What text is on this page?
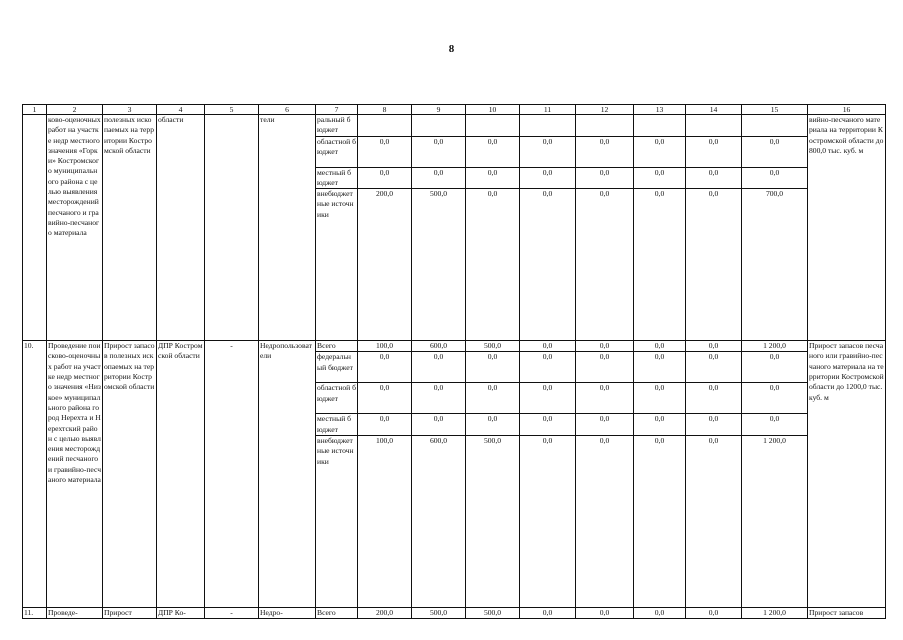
8
1	2	3	4	5	6	7	8	9	10	11	12	13	14	15	16
	ково-оценочных работ на участке недр местного значения «Горки» Костромского муниципального района с целью выявления месторождений песчаного и гравийно-песчаного материала	полезных ископаемых на территории Костромской области	области		тели	ральный бюджет									вийно-песчаного материала на территории Костромской области до 800,0 тыс. куб. м
						областной бюджет	0,0	0,0	0,0	0,0	0,0	0,0	0,0	0,0	
						местный бюджет	0,0	0,0	0,0	0,0	0,0	0,0	0,0	0,0	
						внебюджетные источники	200,0	500,0	0,0	0,0	0,0	0,0	0,0	700,0	
10.	Проведение поисково-оценочных работ на участке недр местного значения «Низкое» муниципального района город Нерехта и Нерехтский район с целью выявления месторождений песчаного и гравийно-песчаного материала	Прирост запасов полезных ископаемых на территории Костромской области	ДПР Костромской области	-	Недропользователи	Всего	100,0	600,0	500,0	0,0	0,0	0,0	0,0	1 200,0	Прирост запасов песчаного или гравийно-песчаного материала на территории Костромской области до 1200,0 тыс. куб. м
						федеральный бюджет	0,0	0,0	0,0	0,0	0,0	0,0	0,0	0,0	
						областной бюджет	0,0	0,0	0,0	0,0	0,0	0,0	0,0	0,0	
						местный бюджет	0,0	0,0	0,0	0,0	0,0	0,0	0,0	0,0	
						внебюджетные источники	100,0	600,0	500,0	0,0	0,0	0,0	0,0	1 200,0	
11.	Проведе-	Прирост	ДПР Ко-	-	Недро-	Всего	200,0	500,0	500,0	0,0	0,0	0,0	0,0	1 200,0	Прирост запасов
